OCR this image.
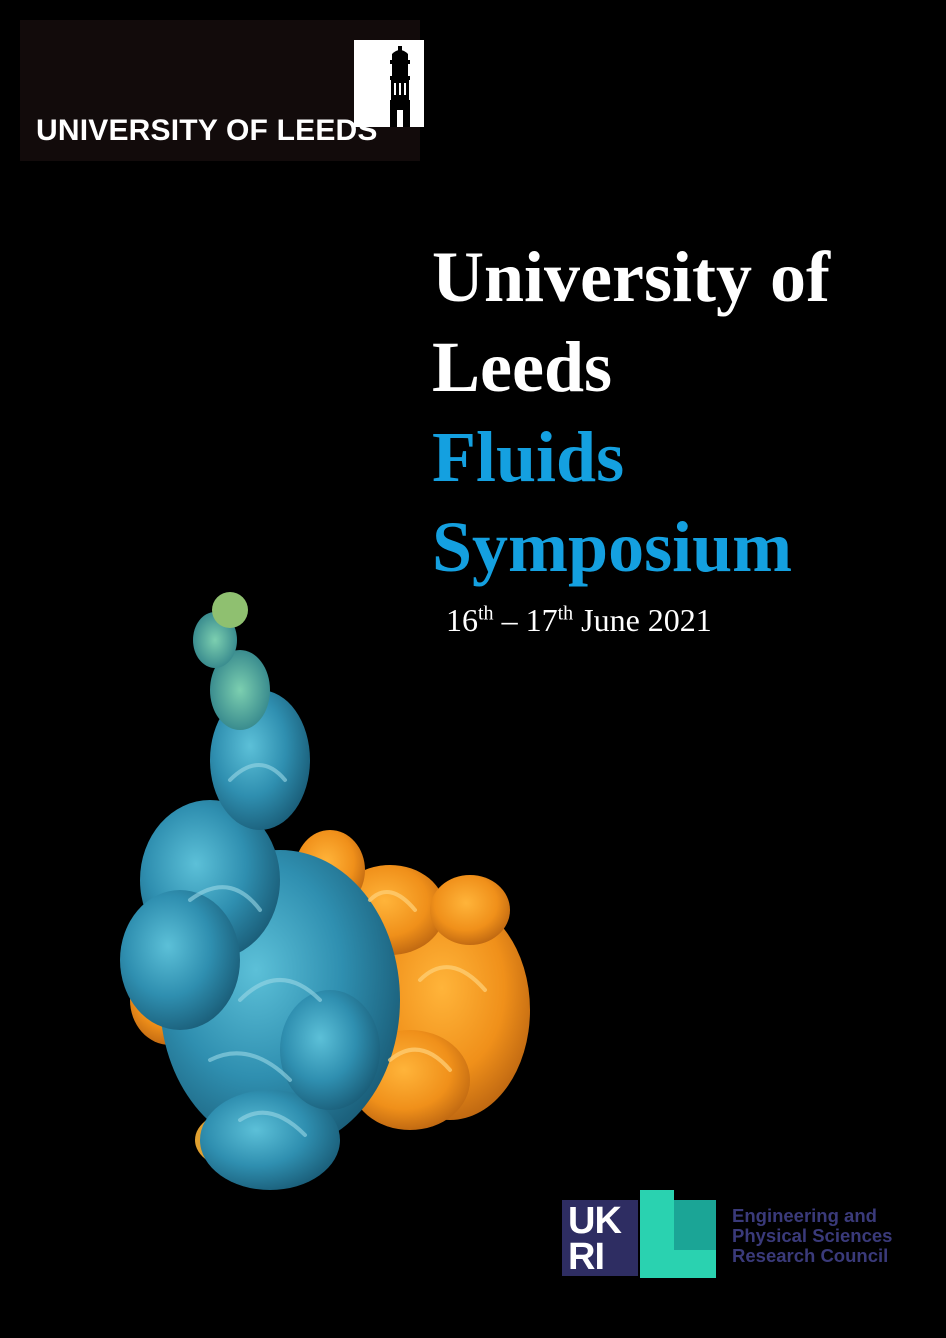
UNIVERSITY OF LEEDS
University of
Leeds
Fluids
Symposium
16th – 17th June 2021
UK
RI
Engineering and
Physical Sciences
Research Council
